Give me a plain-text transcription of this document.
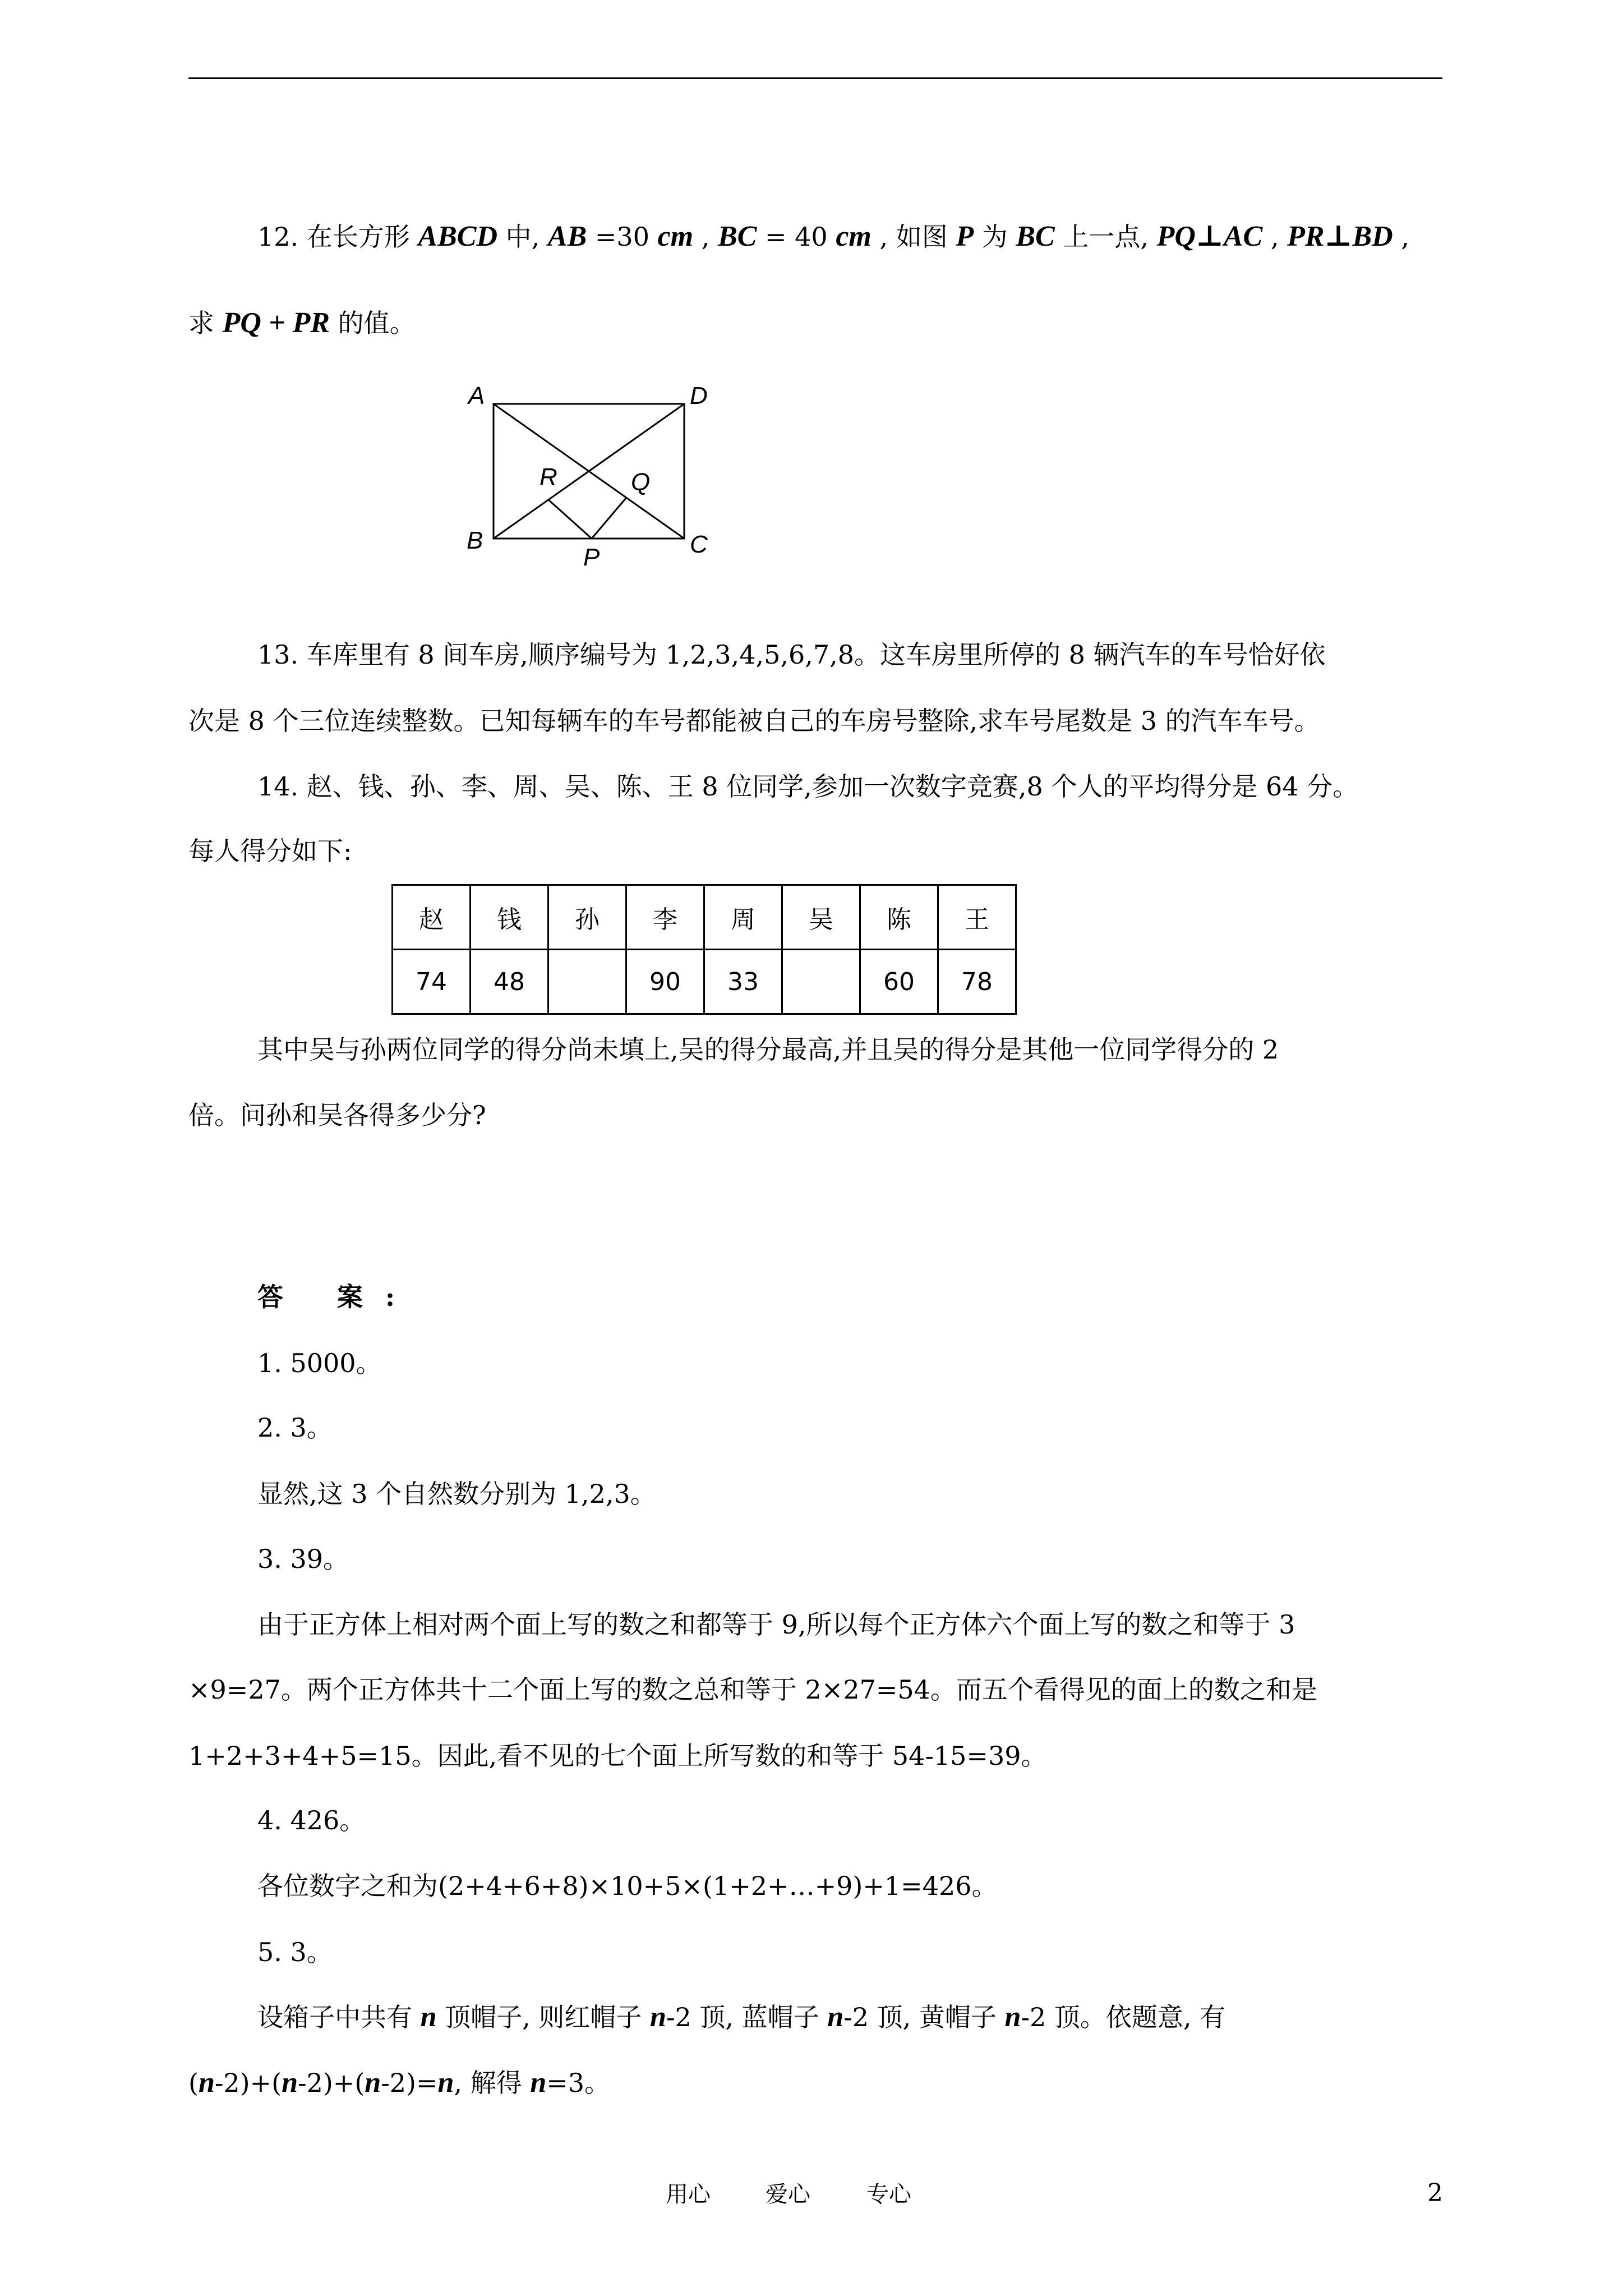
12. 在长方形 ABCD 中, AB =30 cm , BC = 40 cm , 如图 P 为 BC 上一点, PQ⊥AC , PR⊥BD ,
求 PQ + PR 的值。
A	D
B	C
P
Q
R
13. 车库里有 8 间车房,顺序编号为 1,2,3,4,5,6,7,8。这车房里所停的 8 辆汽车的车号恰好依
次是 8 个三位连续整数。已知每辆车的车号都能被自己的车房号整除,求车号尾数是 3 的汽车车号。
14. 赵、钱、孙、李、周、吴、陈、王 8 位同学,参加一次数字竞赛,8 个人的平均得分是 64 分。
每人得分如下:
赵	钱	孙	李	周	吴	陈	王
74	48		90	33		60	78
其中吴与孙两位同学的得分尚未填上,吴的得分最高,并且吴的得分是其他一位同学得分的 2
倍。问孙和吴各得多少分?
答 案:
1. 5000。
2. 3。
显然,这 3 个自然数分别为 1,2,3。
3. 39。
由于正方体上相对两个面上写的数之和都等于 9,所以每个正方体六个面上写的数之和等于 3
×9=27。两个正方体共十二个面上写的数之总和等于 2×27=54。而五个看得见的面上的数之和是
1+2+3+4+5=15。因此,看不见的七个面上所写数的和等于 54-15=39。
4. 426。
各位数字之和为(2+4+6+8)×10+5×(1+2+…+9)+1=426。
5. 3。
设箱子中共有 n 顶帽子, 则红帽子 n-2 顶, 蓝帽子 n-2 顶, 黄帽子 n-2 顶。依题意, 有
(n-2)+(n-2)+(n-2)=n, 解得 n=3。
用心 爱心	专心	2
